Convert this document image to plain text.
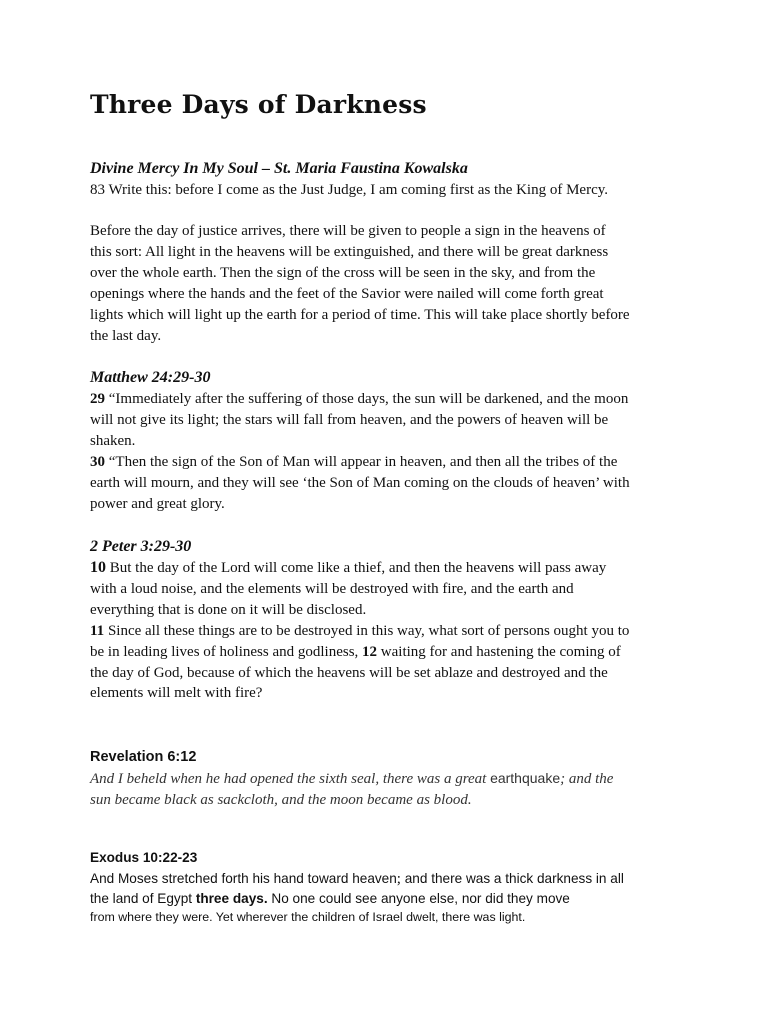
Three Days of Darkness

Divine Mercy In My Soul – St. Maria Faustina Kowalska

83 Write this: before I come as the Just Judge, I am coming first as the King of Mercy.

Before the day of justice arrives, there will be given to people a sign in the heavens of
this sort: All light in the heavens will be extinguished, and there will be great darkness
over the whole earth. Then the sign of the cross will be seen in the sky, and from the
openings where the hands and the feet of the Savior were nailed will come forth great
lights which will light up the earth for a period of time. This will take place shortly before
the last day.

Matthew 24:29-30

29 “Immediately after the suffering of those days, the sun will be darkened, and the moon
will not give its light; the stars will fall from heaven, and the powers of heaven will be
shaken.
30 “Then the sign of the Son of Man will appear in heaven, and then all the tribes of the
earth will mourn, and they will see ‘the Son of Man coming on the clouds of heaven’ with
power and great glory.

2 Peter 3:29-30

10 But the day of the Lord will come like a thief, and then the heavens will pass away
with a loud noise, and the elements will be destroyed with fire, and the earth and
everything that is done on it will be disclosed.
11 Since all these things are to be destroyed in this way, what sort of persons ought you to
be in leading lives of holiness and godliness, 12 waiting for and hastening the coming of
the day of God, because of which the heavens will be set ablaze and destroyed and the
elements will melt with fire?

Revelation 6:12

And I beheld when he had opened the sixth seal, there was a great earthquake; and the
sun became black as sackcloth, and the moon became as blood.

Exodus 10:22-23

And Moses stretched forth his hand toward heaven; and there was a thick darkness in all
the land of Egypt three days. No one could see anyone else, nor did they move
from where they were. Yet wherever the children of Israel dwelt, there was light.
